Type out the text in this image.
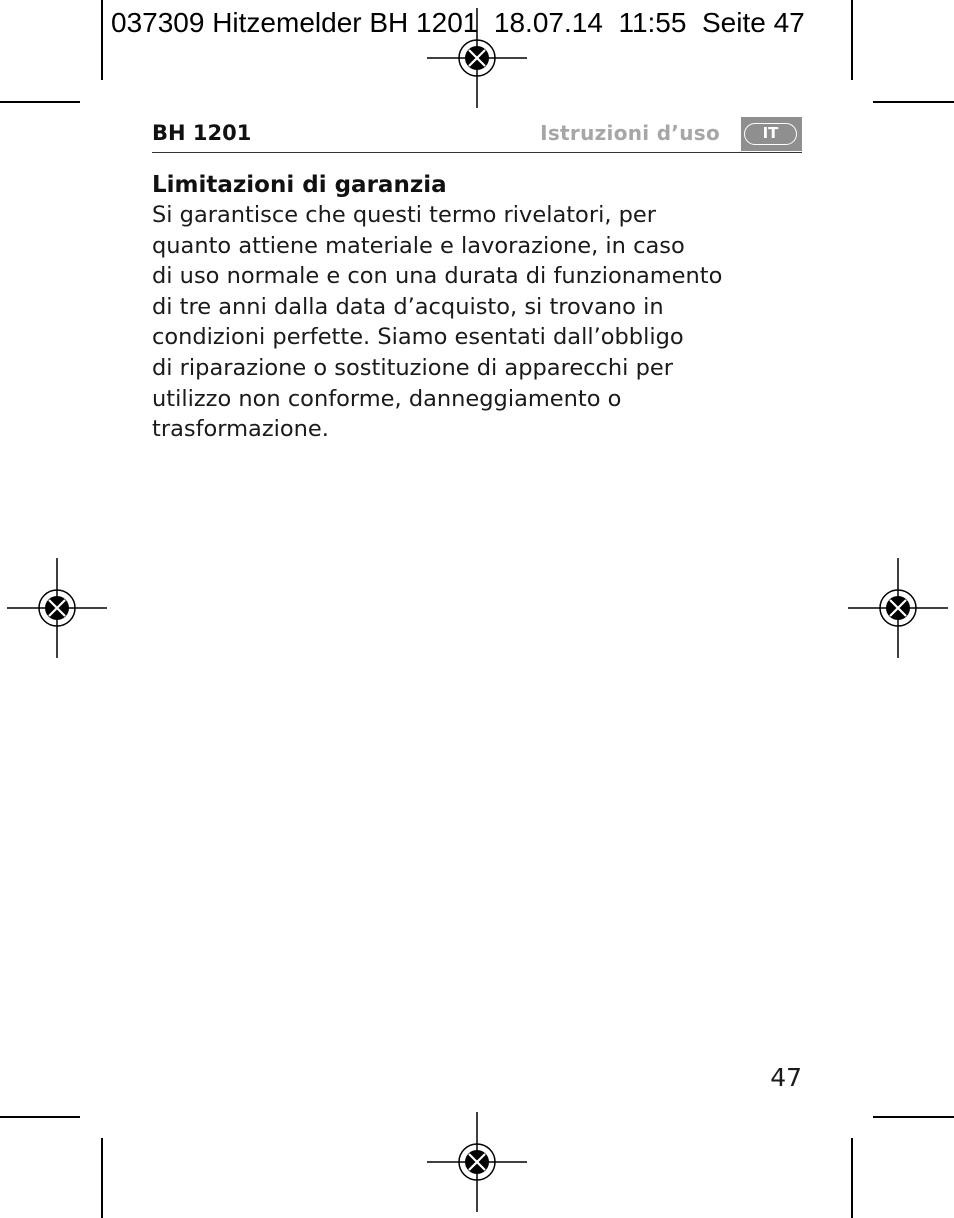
037309 Hitzemelder BH 1201  18.07.14  11:55  Seite 47
BH 1201	Istruzioni d’uso	IT
Limitazioni di garanzia
Si garantisce che questi termo rivelatori, per
quanto attiene materiale e lavorazione, in caso
di uso normale e con una durata di funzionamento
di tre anni dalla data d’acquisto, si trovano in
condizioni perfette. Siamo esentati dall’obbligo
di riparazione o sostituzione di apparecchi per
utilizzo non conforme, danneggiamento o
trasformazione.
47
